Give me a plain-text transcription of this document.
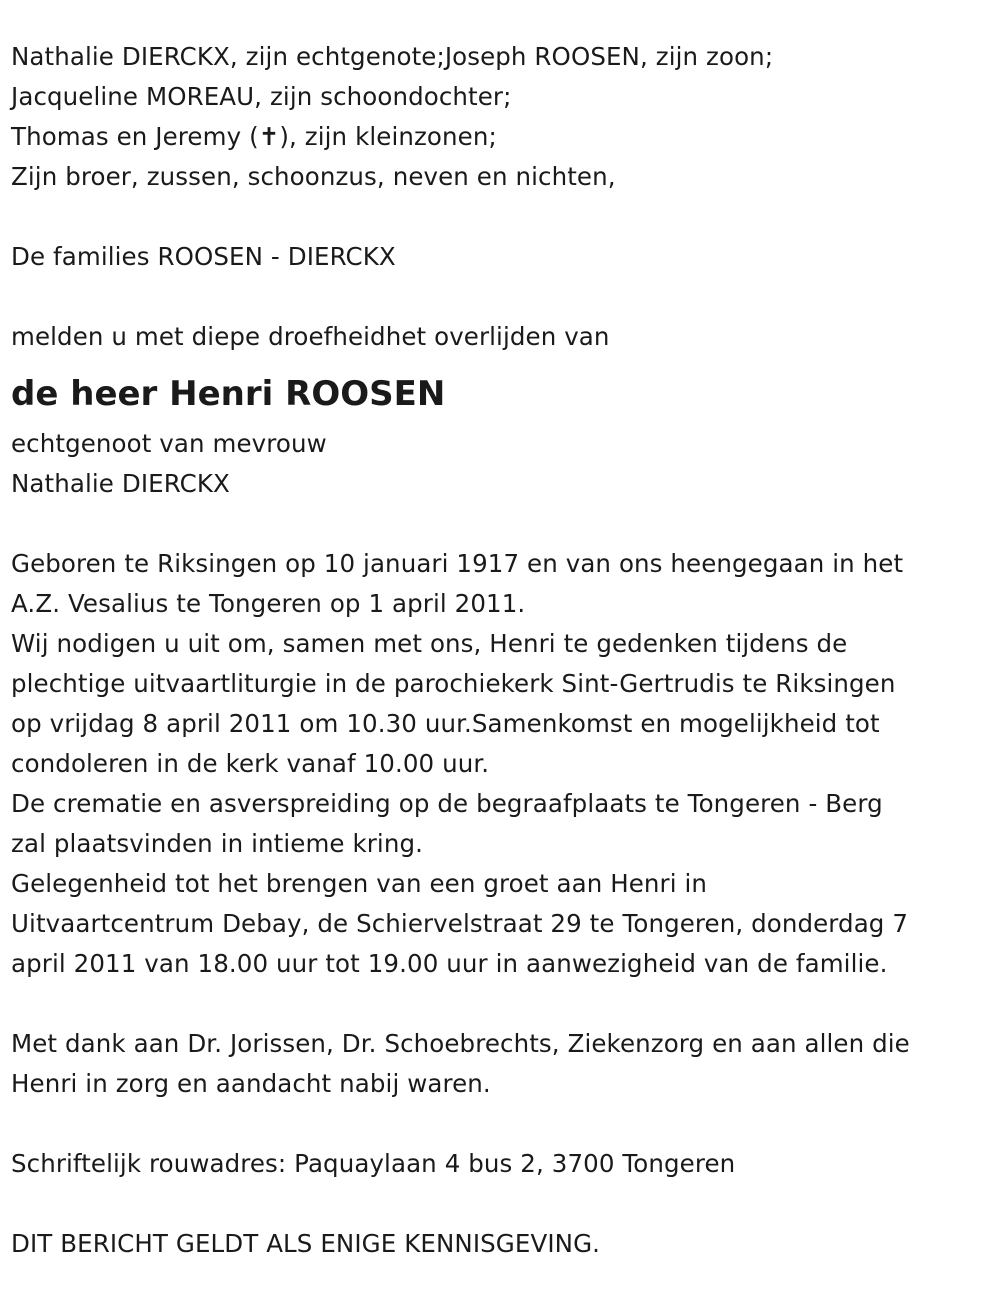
Nathalie DIERCKX, zijn echtgenote;Joseph ROOSEN, zijn zoon;
Jacqueline MOREAU, zijn schoondochter;
Thomas en Jeremy (✝), zijn kleinzonen;
Zijn broer, zussen, schoonzus, neven en nichten,
De families ROOSEN - DIERCKX
melden u met diepe droefheidhet overlijden van
de heer Henri ROOSEN
echtgenoot van mevrouw
Nathalie DIERCKX
Geboren te Riksingen op 10 januari 1917 en van ons heengegaan in het
A.Z. Vesalius te Tongeren op 1 april 2011.
Wij nodigen u uit om, samen met ons, Henri te gedenken tijdens de
plechtige uitvaartliturgie in de parochiekerk Sint-Gertrudis te Riksingen
op vrijdag 8 april 2011 om 10.30 uur.Samenkomst en mogelijkheid tot
condoleren in de kerk vanaf 10.00 uur.
De crematie en asverspreiding op de begraafplaats te Tongeren - Berg
zal plaatsvinden in intieme kring.
Gelegenheid tot het brengen van een groet aan Henri in
Uitvaartcentrum Debay, de Schiervelstraat 29 te Tongeren, donderdag 7
april 2011 van 18.00 uur tot 19.00 uur in aanwezigheid van de familie.
Met dank aan Dr. Jorissen, Dr. Schoebrechts, Ziekenzorg en aan allen die
Henri in zorg en aandacht nabij waren.
Schriftelijk rouwadres: Paquaylaan 4 bus 2, 3700 Tongeren
DIT BERICHT GELDT ALS ENIGE KENNISGEVING.
